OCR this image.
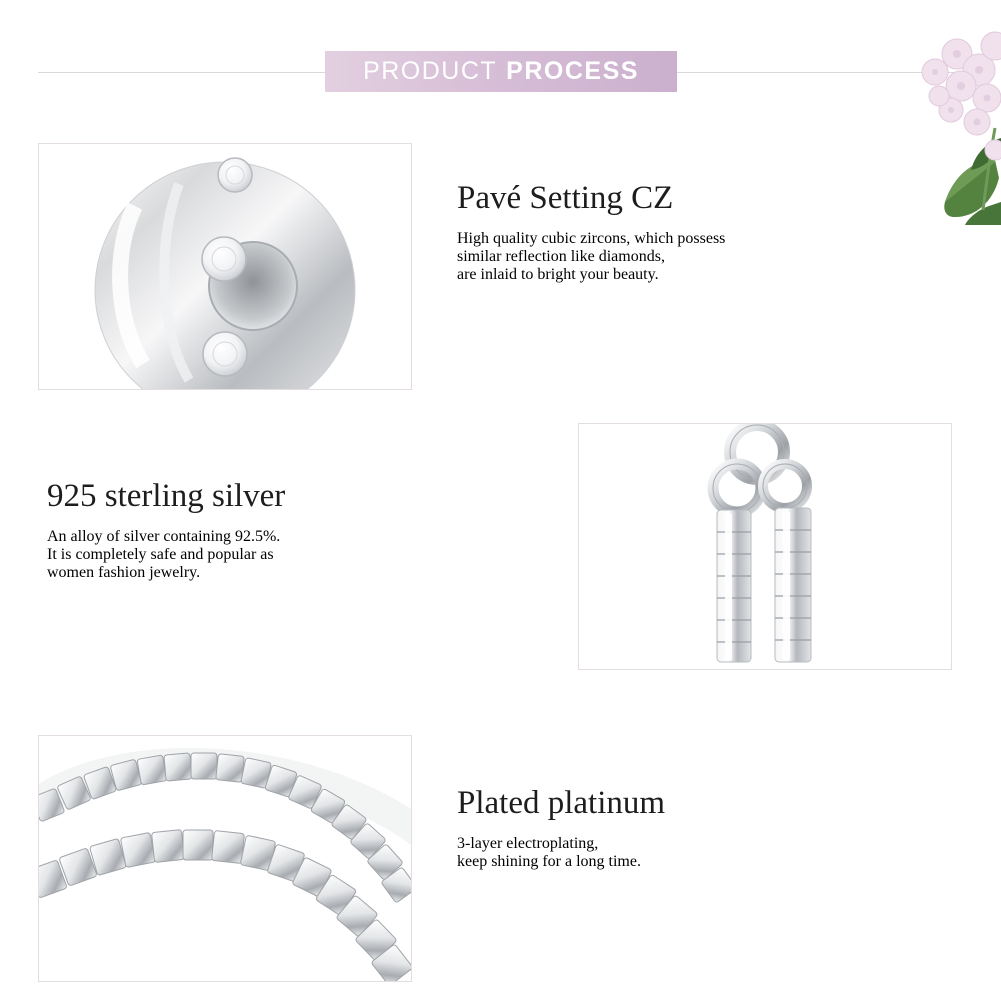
PRODUCT PROCESS
Pavé Setting CZ

High quality cubic zircons, which possess
similar reflection like diamonds,
are inlaid to bright your beauty.

925 sterling silver

An alloy of silver containing 92.5%.
It is completely safe and popular as
women fashion jewelry.

Plated platinum

3-layer electroplating,
keep shining for a long time.
